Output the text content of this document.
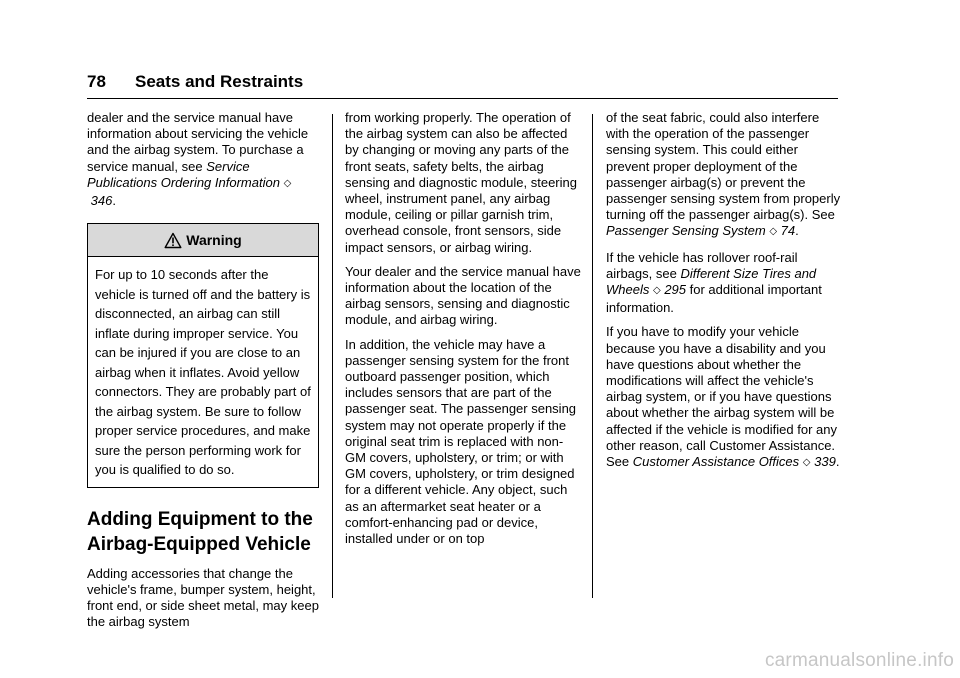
78 Seats and Restraints

dealer and the service manual have information about servicing the vehicle and the airbag system. To purchase a service manual, see Service Publications Ordering Information ◇ 346.

Warning
For up to 10 seconds after the vehicle is turned off and the battery is disconnected, an airbag can still inflate during improper service. You can be injured if you are close to an airbag when it inflates. Avoid yellow connectors. They are probably part of the airbag system. Be sure to follow proper service procedures, and make sure the person performing work for you is qualified to do so.
Adding Equipment to the Airbag-Equipped Vehicle

Adding accessories that change the vehicle's frame, bumper system, height, front end, or side sheet metal, may keep the airbag system

from working properly. The operation of the airbag system can also be affected by changing or moving any parts of the front seats, safety belts, the airbag sensing and diagnostic module, steering wheel, instrument panel, any airbag module, ceiling or pillar garnish trim, overhead console, front sensors, side impact sensors, or airbag wiring.

Your dealer and the service manual have information about the location of the airbag sensors, sensing and diagnostic module, and airbag wiring.

In addition, the vehicle may have a passenger sensing system for the front outboard passenger position, which includes sensors that are part of the passenger seat. The passenger sensing system may not operate properly if the original seat trim is replaced with non-GM covers, upholstery, or trim; or with GM covers, upholstery, or trim designed for a different vehicle. Any object, such as an aftermarket seat heater or a comfort-enhancing pad or device, installed under or on top

of the seat fabric, could also interfere with the operation of the passenger sensing system. This could either prevent proper deployment of the passenger airbag(s) or prevent the passenger sensing system from properly turning off the passenger airbag(s). See Passenger Sensing System ◇ 74.

If the vehicle has rollover roof-rail airbags, see Different Size Tires and Wheels ◇ 295 for additional important information.

If you have to modify your vehicle because you have a disability and you have questions about whether the modifications will affect the vehicle's airbag system, or if you have questions about whether the airbag system will be affected if the vehicle is modified for any other reason, call Customer Assistance. See Customer Assistance Offices ◇ 339.

carmanualsonline.info
